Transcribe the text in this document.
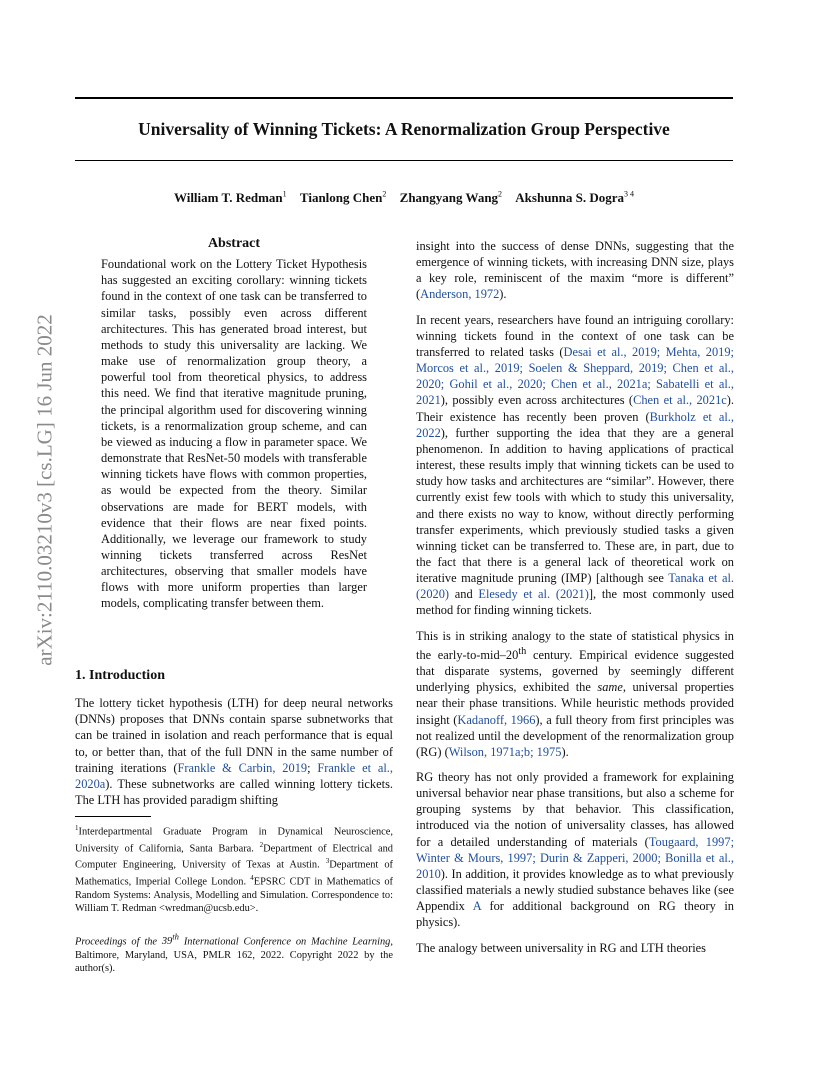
Universality of Winning Tickets: A Renormalization Group Perspective
William T. Redman$^1$ Tianlong Chen$^2$ Zhangyang Wang$^2$ Akshunna S. Dogra$^{3 4}$
arXiv:2110.03210v3 [cs.LG] 16 Jun 2022
Abstract

Foundational work on the Lottery Ticket Hypothesis has suggested an exciting corollary: winning tickets found in the context of one task can be transferred to similar tasks, possibly even across different architectures. This has generated broad interest, but methods to study this universality are lacking. We make use of renormalization group theory, a powerful tool from theoretical physics, to address this need. We find that iterative magnitude pruning, the principal algorithm used for discovering winning tickets, is a renormalization group scheme, and can be viewed as inducing a flow in parameter space. We demonstrate that ResNet-50 models with transferable winning tickets have flows with common properties, as would be expected from the theory. Similar observations are made for BERT models, with evidence that their flows are near fixed points. Additionally, we leverage our framework to study winning tickets transferred across ResNet architectures, observing that smaller models have flows with more uniform properties than larger models, complicating transfer between them.

1. Introduction

The lottery ticket hypothesis (LTH) for deep neural networks (DNNs) proposes that DNNs contain sparse subnetworks that can be trained in isolation and reach performance that is equal to, or better than, that of the full DNN in the same number of training iterations (Frankle & Carbin, 2019; Frankle et al., 2020a). These subnetworks are called winning lottery tickets. The LTH has provided paradigm shifting

$^1$Interdepartmental Graduate Program in Dynamical Neuroscience, University of California, Santa Barbara. $^2$Department of Electrical and Computer Engineering, University of Texas at Austin. $^3$Department of Mathematics, Imperial College London. $^4$EPSRC CDT in Mathematics of Random Systems: Analysis, Modelling and Simulation. Correspondence to: William T. Redman <wredman@ucsb.edu>.
Proceedings of the 39th International Conference on Machine Learning, Baltimore, Maryland, USA, PMLR 162, 2022. Copyright 2022 by the author(s).

insight into the success of dense DNNs, suggesting that the emergence of winning tickets, with increasing DNN size, plays a key role, reminiscent of the maxim “more is different” (Anderson, 1972).

In recent years, researchers have found an intriguing corollary: winning tickets found in the context of one task can be transferred to related tasks (Desai et al., 2019; Mehta, 2019; Morcos et al., 2019; Soelen & Sheppard, 2019; Chen et al., 2020; Gohil et al., 2020; Chen et al., 2021a; Sabatelli et al., 2021), possibly even across architectures (Chen et al., 2021c). Their existence has recently been proven (Burkholz et al., 2022), further supporting the idea that they are a general phenomenon. In addition to having applications of practical interest, these results imply that winning tickets can be used to study how tasks and architectures are “similar”. However, there currently exist few tools with which to study this universality, and there exists no way to know, without directly performing transfer experiments, which previously studied tasks a given winning ticket can be transferred to. These are, in part, due to the fact that there is a general lack of theoretical work on iterative magnitude pruning (IMP) [although see Tanaka et al. (2020) and Elesedy et al. (2021)], the most commonly used method for finding winning tickets.

This is in striking analogy to the state of statistical physics in the early-to-mid–20th century. Empirical evidence suggested that disparate systems, governed by seemingly different underlying physics, exhibited the same, universal properties near their phase transitions. While heuristic methods provided insight (Kadanoff, 1966), a full theory from first principles was not realized until the development of the renormalization group (RG) (Wilson, 1971a;b; 1975).

RG theory has not only provided a framework for explaining universal behavior near phase transitions, but also a scheme for grouping systems by that behavior. This classification, introduced via the notion of universality classes, has allowed for a detailed understanding of materials (Tougaard, 1997; Winter & Mours, 1997; Durin & Zapperi, 2000; Bonilla et al., 2010). In addition, it provides knowledge as to what previously classified materials a newly studied substance behaves like (see Appendix A for additional background on RG theory in physics).

The analogy between universality in RG and LTH theories
